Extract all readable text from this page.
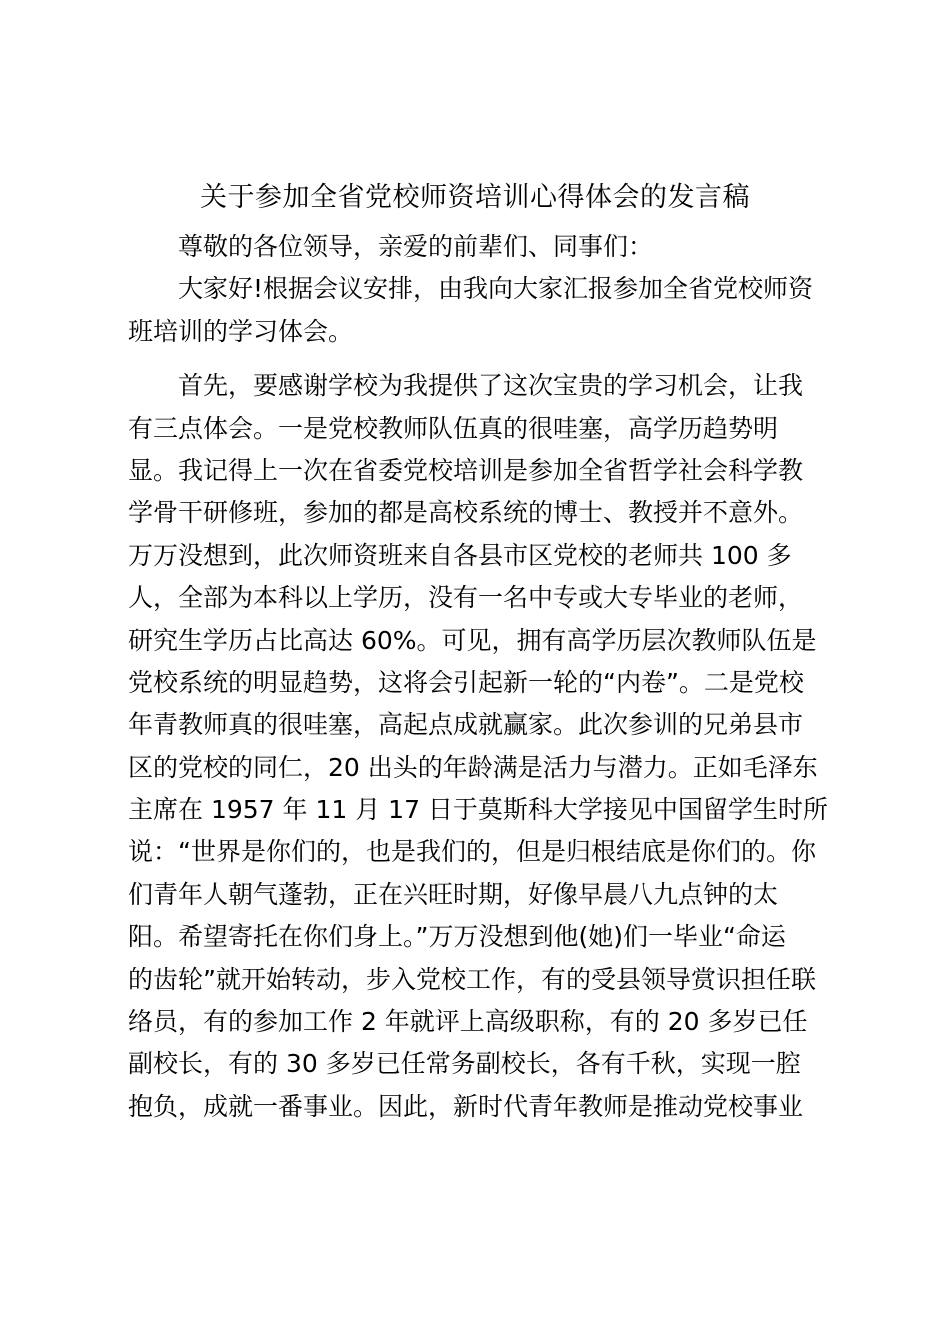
关于参加全省党校师资培训心得体会的发言稿
尊敬的各位领导，亲爱的前辈们、同事们：
大家好!根据会议安排，由我向大家汇报参加全省党校师资
班培训的学习体会。
首先，要感谢学校为我提供了这次宝贵的学习机会，让我
有三点体会。一是党校教师队伍真的很哇塞，高学历趋势明
显。我记得上一次在省委党校培训是参加全省哲学社会科学教
学骨干研修班，参加的都是高校系统的博士、教授并不意外。
万万没想到，此次师资班来自各县市区党校的老师共 100 多
人，全部为本科以上学历，没有一名中专或大专毕业的老师，
研究生学历占比高达 60%。可见，拥有高学历层次教师队伍是
党校系统的明显趋势，这将会引起新一轮的“内卷”。二是党校
年青教师真的很哇塞，高起点成就赢家。此次参训的兄弟县市
区的党校的同仁，20 出头的年龄满是活力与潜力。正如毛泽东
主席在 1957 年 11 月 17 日于莫斯科大学接见中国留学生时所
说：“世界是你们的，也是我们的，但是归根结底是你们的。你
们青年人朝气蓬勃，正在兴旺时期，好像早晨八九点钟的太
阳。希望寄托在你们身上。”万万没想到他(她)们一毕业“命运
的齿轮”就开始转动，步入党校工作，有的受县领导赏识担任联
络员，有的参加工作 2 年就评上高级职称，有的 20 多岁已任
副校长，有的 30 多岁已任常务副校长，各有千秋，实现一腔
抱负，成就一番事业。因此，新时代青年教师是推动党校事业
